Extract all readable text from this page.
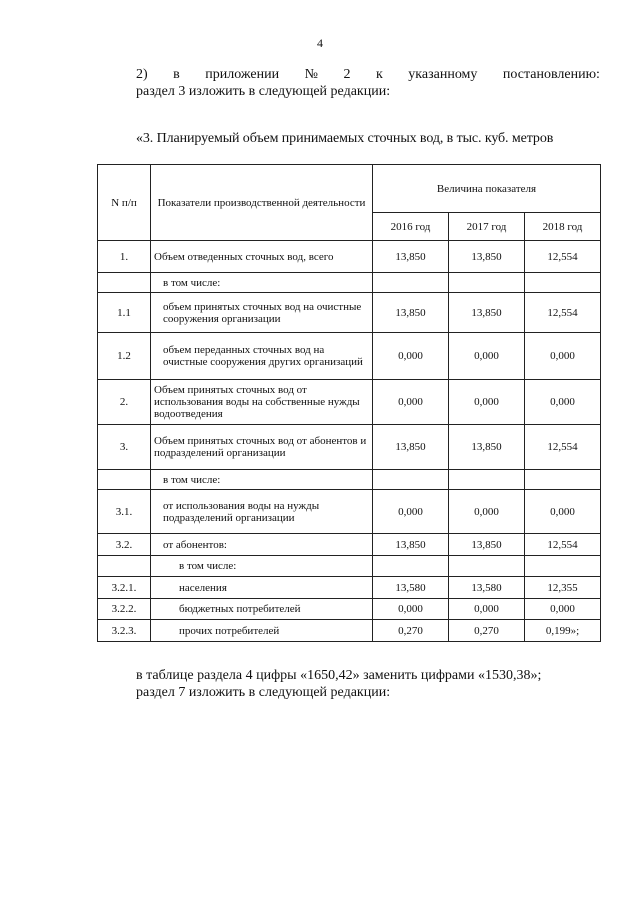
4
2) в приложении № 2 к указанному постановлению:
раздел 3 изложить в следующей редакции:
«3. Планируемый объем принимаемых сточных вод, в тыс. куб. метров
N п/п	Показатели производственной деятельности	Величина показателя		
		2016 год	2017 год	2018 год
1.	Объем отведенных сточных вод, всего	13,850	13,850	12,554
	в том числе:			
1.1	объем принятых сточных вод на очистные сооружения организации	13,850	13,850	12,554
1.2	объем переданных сточных вод на очистные сооружения других организаций	0,000	0,000	0,000
2.	Объем принятых сточных вод от использования воды на собственные нужды водоотведения	0,000	0,000	0,000
3.	Объем принятых сточных вод от абонентов и подразделений организации	13,850	13,850	12,554
	в том числе:			
3.1.	от использования воды на нужды подразделений организации	0,000	0,000	0,000
3.2.	от абонентов:	13,850	13,850	12,554
	в том числе:			
3.2.1.	населения	13,580	13,580	12,355
3.2.2.	бюджетных потребителей	0,000	0,000	0,000
3.2.3.	прочих потребителей	0,270	0,270	0,199»;
в таблице раздела 4 цифры «1650,42» заменить цифрами «1530,38»;
раздел 7 изложить в следующей редакции:
